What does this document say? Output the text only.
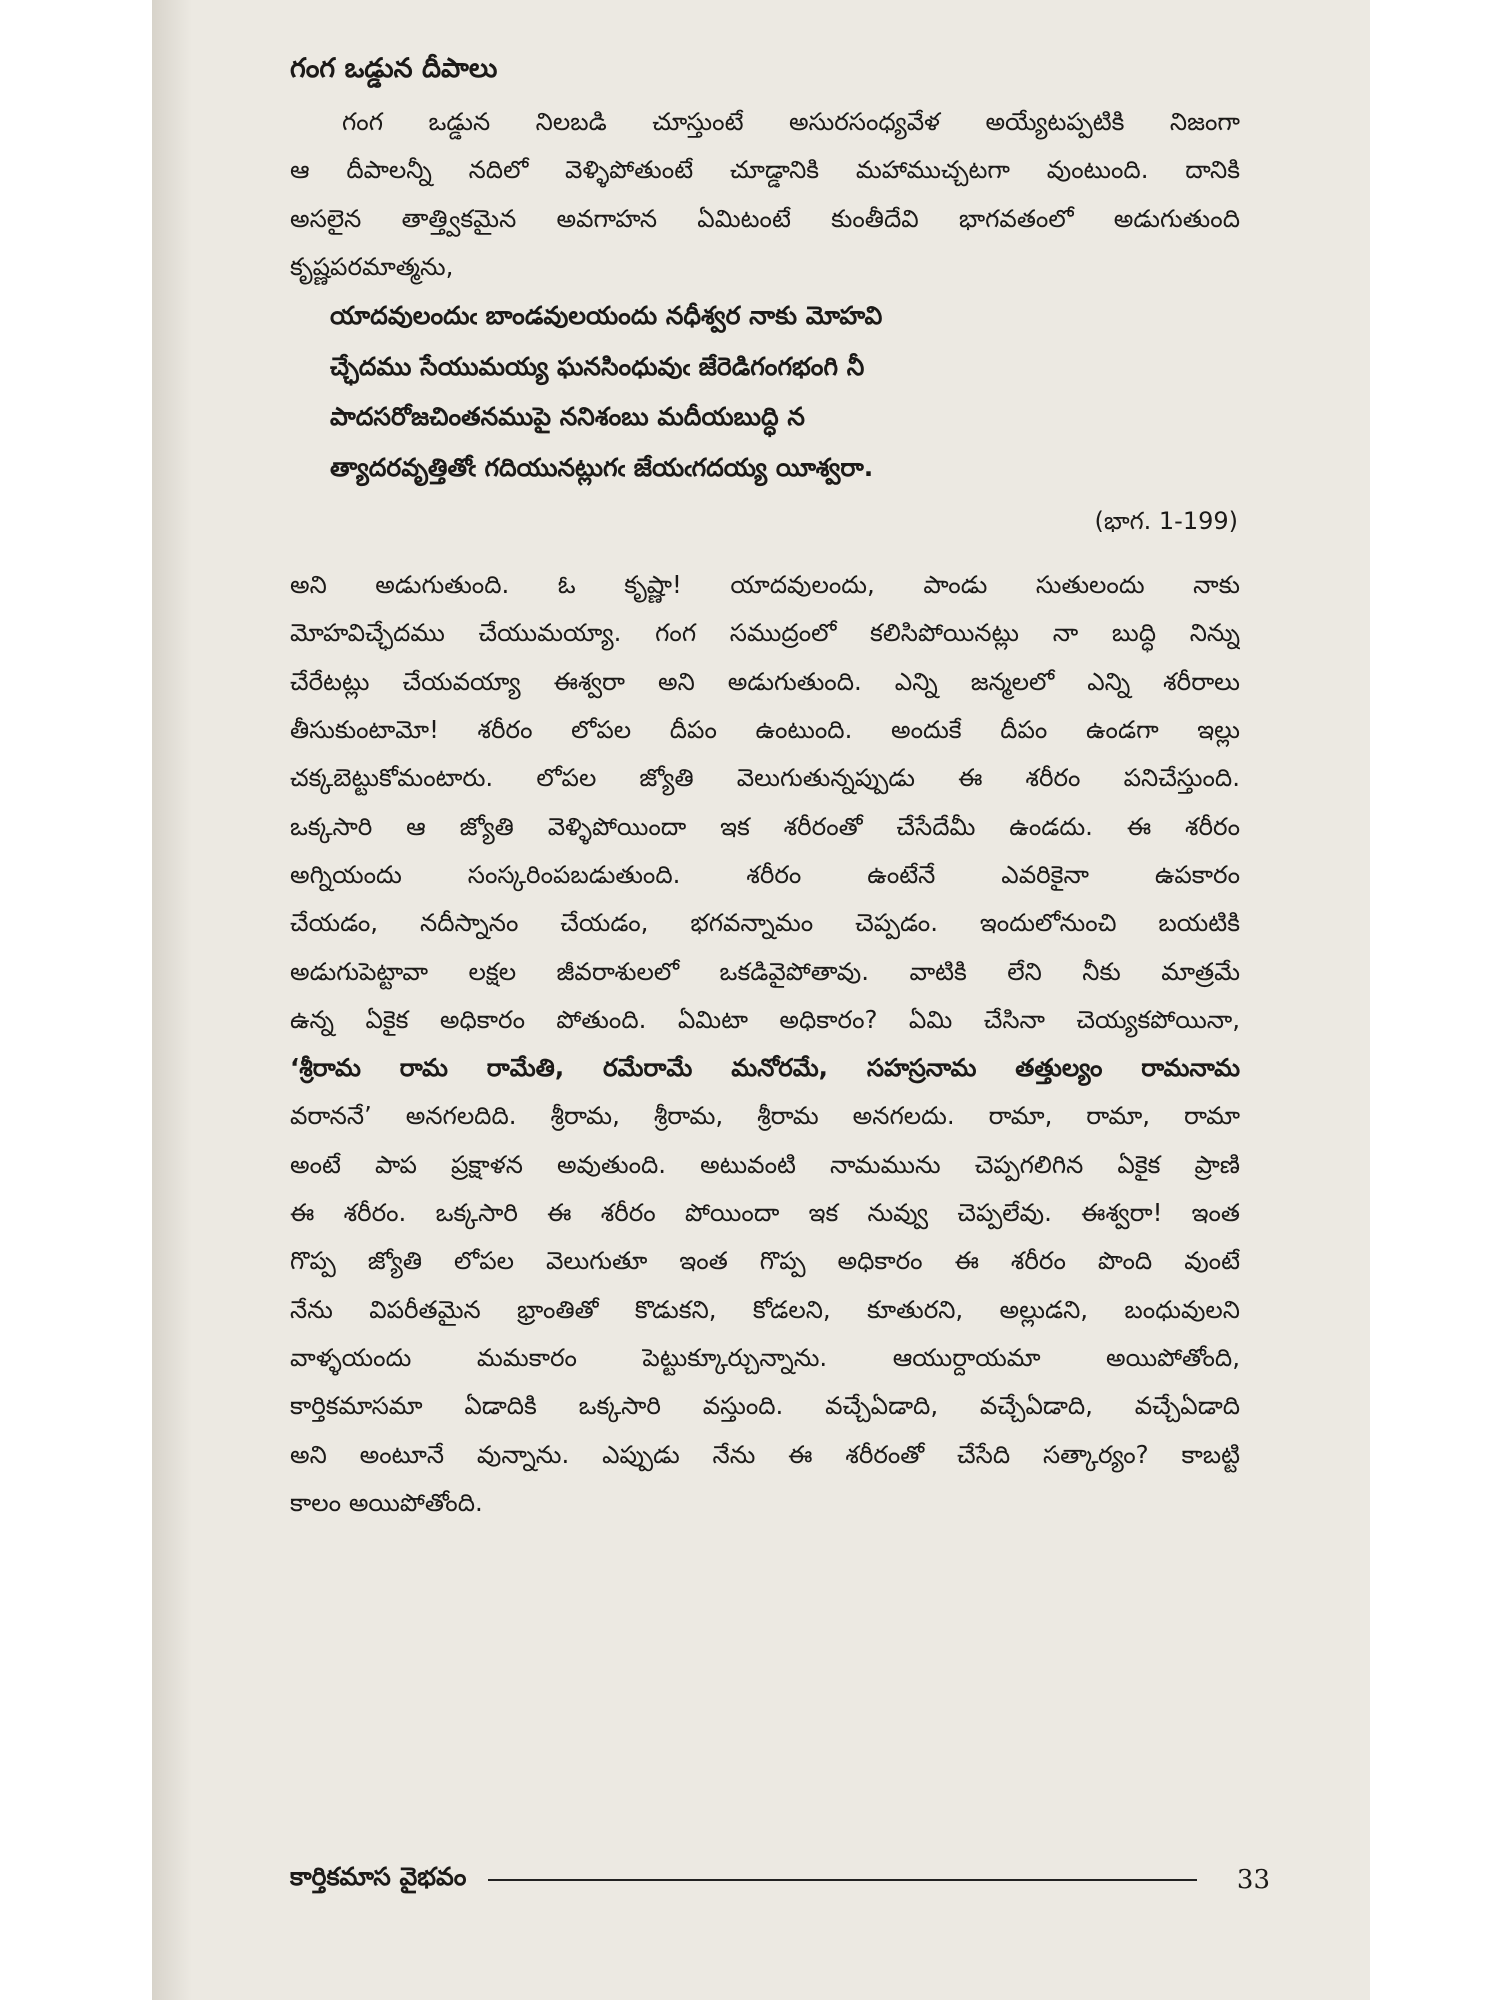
గంగ ఒడ్డున దీపాలు
గంగ ఒడ్డున నిలబడి చూస్తుంటే అసురసంధ్యవేళ అయ్యేటప్పటికి నిజంగా
ఆ దీపాలన్నీ నదిలో వెళ్ళిపోతుంటే చూడ్డానికి మహాముచ్చటగా వుంటుంది. దానికి
అసలైన తాత్త్వికమైన అవగాహన ఏమిటంటే కుంతీదేవి భాగవతంలో అడుగుతుంది
కృష్ణపరమాత్మను,
యాదవులందుఁ బాండవులయందు నధీశ్వర నాకు మోహవి
చ్ఛేదము సేయుమయ్య ఘనసింధువుఁ జేరెడిగంగభంగి నీ
పాదసరోజచింతనముపై ననిశంబు మదీయబుద్ధి న
త్యాదరవృత్తితోఁ గదియునట్లుగఁ జేయఁగదయ్య యీశ్వరా.
(భాగ. 1-199)
అని అడుగుతుంది. ఓ కృష్ణా! యాదవులందు, పాండు సుతులందు నాకు
మోహవిచ్ఛేదము చేయుమయ్యా. గంగ సముద్రంలో కలిసిపోయినట్లు నా బుద్ధి నిన్ను
చేరేటట్లు చేయవయ్యా ఈశ్వరా అని అడుగుతుంది. ఎన్ని జన్మలలో ఎన్ని శరీరాలు
తీసుకుంటామో! శరీరం లోపల దీపం ఉంటుంది. అందుకే దీపం ఉండగా ఇల్లు
చక్కబెట్టుకోమంటారు. లోపల జ్యోతి వెలుగుతున్నప్పుడు ఈ శరీరం పనిచేస్తుంది.
ఒక్కసారి ఆ జ్యోతి వెళ్ళిపోయిందా ఇక శరీరంతో చేసేదేమీ ఉండదు. ఈ శరీరం
అగ్నియందు సంస్కరింపబడుతుంది. శరీరం ఉంటేనే ఎవరికైనా ఉపకారం
చేయడం, నదీస్నానం చేయడం, భగవన్నామం చెప్పడం. ఇందులోనుంచి బయటికి
అడుగుపెట్టావా లక్షల జీవరాశులలో ఒకడివైపోతావు. వాటికి లేని నీకు మాత్రమే
ఉన్న ఏకైక అధికారం పోతుంది. ఏమిటా అధికారం? ఏమి చేసినా చెయ్యకపోయినా,
‘శ్రీరామ రామ రామేతి, రమేరామే మనోరమే, సహస్రనామ తత్తుల్యం రామనామ
వరాననే’ అనగలదిది. శ్రీరామ, శ్రీరామ, శ్రీరామ అనగలదు. రామా, రామా, రామా
అంటే పాప ప్రక్షాళన అవుతుంది. అటువంటి నామమును చెప్పగలిగిన ఏకైక ప్రాణి
ఈ శరీరం. ఒక్కసారి ఈ శరీరం పోయిందా ఇక నువ్వు చెప్పలేవు. ఈశ్వరా! ఇంత
గొప్ప జ్యోతి లోపల వెలుగుతూ ఇంత గొప్ప అధికారం ఈ శరీరం పొంది వుంటే
నేను విపరీతమైన భ్రాంతితో కొడుకని, కోడలని, కూతురని, అల్లుడని, బంధువులని
వాళ్ళయందు మమకారం పెట్టుక్కూర్చున్నాను. ఆయుర్దాయమా అయిపోతోంది,
కార్తికమాసమా ఏడాదికి ఒక్కసారి వస్తుంది. వచ్చేఏడాది, వచ్చేఏడాది, వచ్చేఏడాది
అని అంటూనే వున్నాను. ఎప్పుడు నేను ఈ శరీరంతో చేసేది సత్కార్యం? కాబట్టి
కాలం అయిపోతోంది.
కార్తికమాస వైభవం	33
